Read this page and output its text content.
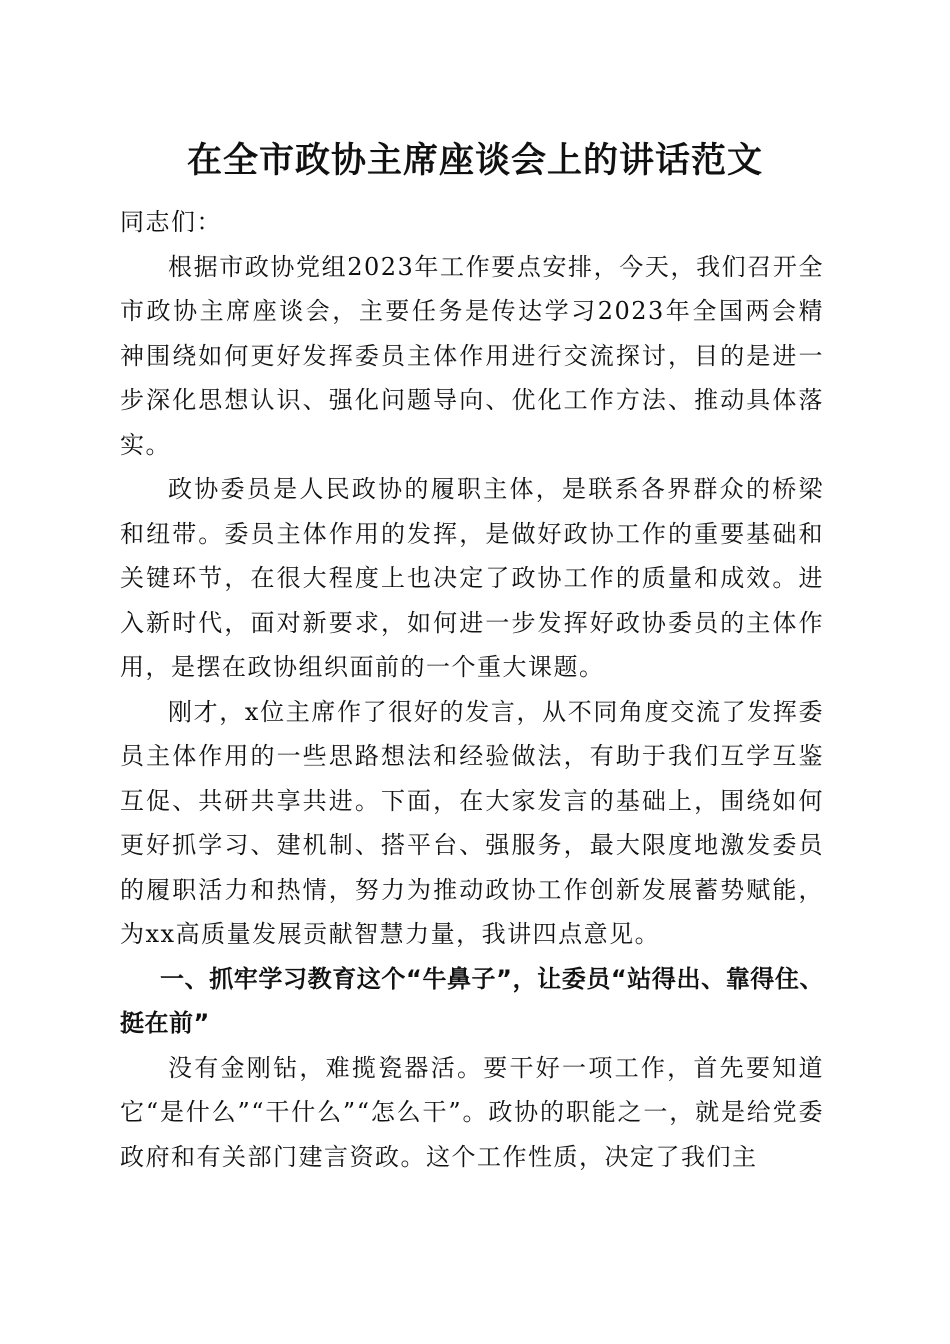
在全市政协主席座谈会上的讲话范文

同志们：

根据市政协党组2023年工作要点安排，今天，我们召开全市政协主席座谈会，主要任务是传达学习2023年全国两会精神围绕如何更好发挥委员主体作用进行交流探讨，目的是进一步深化思想认识、强化问题导向、优化工作方法、推动具体落实。

政协委员是人民政协的履职主体，是联系各界群众的桥梁和纽带。委员主体作用的发挥，是做好政协工作的重要基础和关键环节，在很大程度上也决定了政协工作的质量和成效。进入新时代，面对新要求，如何进一步发挥好政协委员的主体作用，是摆在政协组织面前的一个重大课题。

刚才，x位主席作了很好的发言，从不同角度交流了发挥委员主体作用的一些思路想法和经验做法，有助于我们互学互鉴互促、共研共享共进。下面，在大家发言的基础上，围绕如何更好抓学习、建机制、搭平台、强服务，最大限度地激发委员的履职活力和热情，努力为推动政协工作创新发展蓄势赋能，为xx高质量发展贡献智慧力量，我讲四点意见。

一、抓牢学习教育这个“牛鼻子”，让委员“站得出、靠得住、挺在前”

没有金刚钻，难揽瓷器活。要干好一项工作，首先要知道它“是什么”“干什么”“怎么干”。政协的职能之一，就是给党委政府和有关部门建言资政。这个工作性质，决定了我们主
